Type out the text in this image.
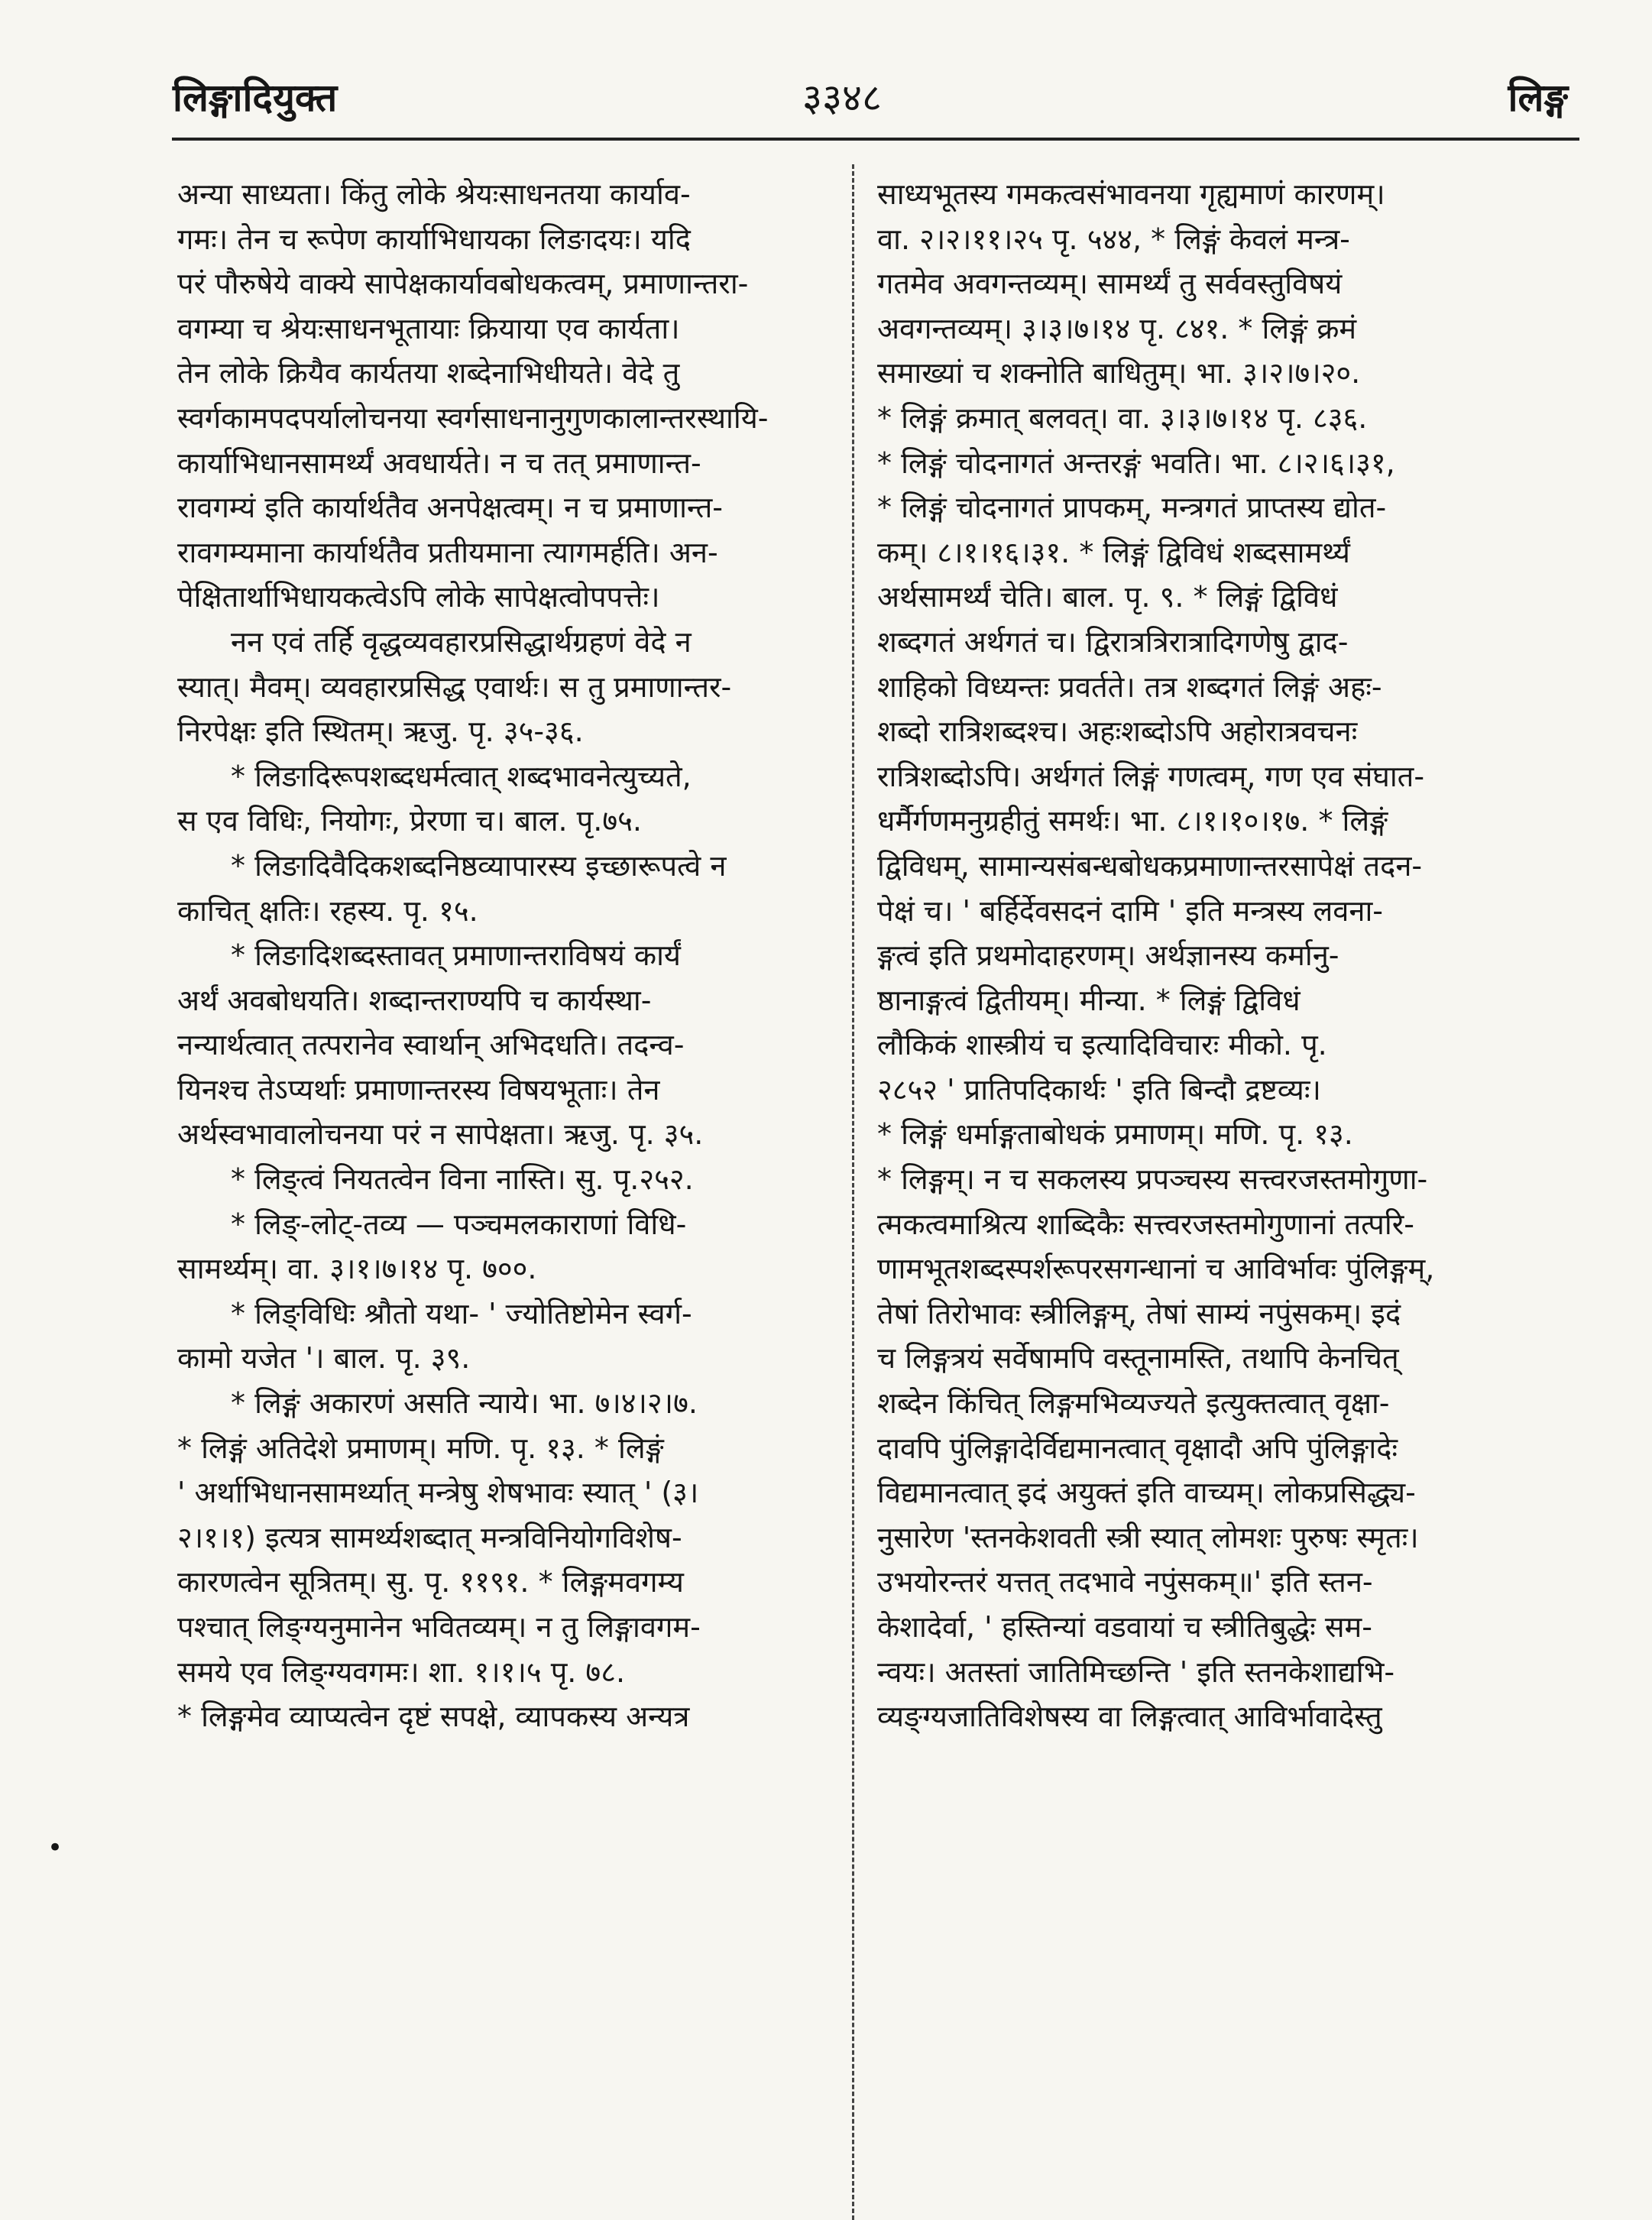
लिङ्गादियुक्त	३३४८	लिङ्ग
•
अन्या साध्यता। किंतु लोके श्रेयःसाधनतया कार्याव-
गमः। तेन च रूपेण कार्याभिधायका लिङादयः। यदि
परं पौरुषेये वाक्ये सापेक्षकार्यावबोधकत्वम्, प्रमाणान्तरा-
वगम्या च श्रेयःसाधनभूतायाः क्रियाया एव कार्यता।
तेन लोके क्रियैव कार्यतया शब्देनाभिधीयते। वेदे तु
स्वर्गकामपदपर्यालोचनया स्वर्गसाधनानुगुणकालान्तरस्थायि-
कार्याभिधानसामर्थ्यं अवधार्यते। न च तत् प्रमाणान्त-
रावगम्यं इति कार्यार्थतैव अनपेक्षत्वम्। न च प्रमाणान्त-
रावगम्यमाना कार्यार्थतैव प्रतीयमाना त्यागमर्हति। अन-
पेक्षितार्थाभिधायकत्वेऽपि लोके सापेक्षत्वोपपत्तेः।
नन एवं तर्हि वृद्धव्यवहारप्रसिद्धार्थग्रहणं वेदे न
स्यात्। मैवम्। व्यवहारप्रसिद्ध एवार्थः। स तु प्रमाणान्तर-
निरपेक्षः इति स्थितम्। ऋजु. पृ. ३५-३६.
* लिङादिरूपशब्दधर्मत्वात् शब्दभावनेत्युच्यते,
स एव विधिः, नियोगः, प्रेरणा च। बाल. पृ.७५.
* लिङादिवैदिकशब्दनिष्ठव्यापारस्य इच्छारूपत्वे न
काचित् क्षतिः। रहस्य. पृ. १५.
* लिङादिशब्दस्तावत् प्रमाणान्तराविषयं कार्यं
अर्थं अवबोधयति। शब्दान्तराण्यपि च कार्यस्था-
नन्यार्थत्वात् तत्परानेव स्वार्थान् अभिदधति। तदन्व-
यिनश्च तेऽप्यर्थाः प्रमाणान्तरस्य विषयभूताः। तेन
अर्थस्वभावालोचनया परं न सापेक्षता। ऋजु. पृ. ३५.
* लिङ्त्वं नियतत्वेन विना नास्ति। सु. पृ.२५२.
* लिङ्-लोट्-तव्य — पञ्चमलकाराणां विधि-
सामर्थ्यम्। वा. ३।१।७।१४ पृ. ७००.
* लिङ्विधिः श्रौतो यथा- ' ज्योतिष्टोमेन स्वर्ग-
कामो यजेत '। बाल. पृ. ३९.
* लिङ्गं अकारणं असति न्याये। भा. ७।४।२।७.
* लिङ्गं अतिदेशे प्रमाणम्। मणि. पृ. १३. * लिङ्गं
' अर्थाभिधानसामर्थ्यात् मन्त्रेषु शेषभावः स्यात् ' (३।
२।१।१) इत्यत्र सामर्थ्यशब्दात् मन्त्रविनियोगविशेष-
कारणत्वेन सूत्रितम्। सु. पृ. ११९१. * लिङ्गमवगम्य
पश्चात् लिङ्ग्यनुमानेन भवितव्यम्। न तु लिङ्गावगम-
समये एव लिङ्ग्यवगमः। शा. १।१।५ पृ. ७८.
* लिङ्गमेव व्याप्यत्वेन दृष्टं सपक्षे, व्यापकस्य अन्यत्र
साध्यभूतस्य गमकत्वसंभावनया गृह्यमाणं कारणम्।
वा. २।२।११।२५ पृ. ५४४, * लिङ्गं केवलं मन्त्र-
गतमेव अवगन्तव्यम्। सामर्थ्यं तु सर्ववस्तुविषयं
अवगन्तव्यम्। ३।३।७।१४ पृ. ८४१. * लिङ्गं क्रमं
समाख्यां च शक्नोति बाधितुम्। भा. ३।२।७।२०.
* लिङ्गं क्रमात् बलवत्। वा. ३।३।७।१४ पृ. ८३६.
* लिङ्गं चोदनागतं अन्तरङ्गं भवति। भा. ८।२।६।३१,
* लिङ्गं चोदनागतं प्रापकम्, मन्त्रगतं प्राप्तस्य द्योत-
कम्। ८।१।१६।३१. * लिङ्गं द्विविधं शब्दसामर्थ्यं
अर्थसामर्थ्यं चेति। बाल. पृ. ९. * लिङ्गं द्विविधं
शब्दगतं अर्थगतं च। द्विरात्रत्रिरात्रादिगणेषु द्वाद-
शाहिको विध्यन्तः प्रवर्तते। तत्र शब्दगतं लिङ्गं अहः-
शब्दो रात्रिशब्दश्च। अहःशब्दोऽपि अहोरात्रवचनः
रात्रिशब्दोऽपि। अर्थगतं लिङ्गं गणत्वम्, गण एव संघात-
धर्मैर्गणमनुग्रहीतुं समर्थः। भा. ८।१।१०।१७. * लिङ्गं
द्विविधम्, सामान्यसंबन्धबोधकप्रमाणान्तरसापेक्षं तदन-
पेक्षं च। ' बर्हिर्देवसदनं दामि ' इति मन्त्रस्य लवना-
ङ्गत्वं इति प्रथमोदाहरणम्। अर्थज्ञानस्य कर्मानु-
ष्ठानाङ्गत्वं द्वितीयम्। मीन्या. * लिङ्गं द्विविधं
लौकिकं शास्त्रीयं च इत्यादिविचारः मीको. पृ.
२८५२ ' प्रातिपदिकार्थः ' इति बिन्दौ द्रष्टव्यः।
* लिङ्गं धर्माङ्गताबोधकं प्रमाणम्। मणि. पृ. १३.
* लिङ्गम्। न च सकलस्य प्रपञ्चस्य सत्त्वरजस्तमोगुणा-
त्मकत्वमाश्रित्य शाब्दिकैः सत्त्वरजस्तमोगुणानां तत्परि-
णामभूतशब्दस्पर्शरूपरसगन्धानां च आविर्भावः पुंलिङ्गम्,
तेषां तिरोभावः स्त्रीलिङ्गम्, तेषां साम्यं नपुंसकम्। इदं
च लिङ्गत्रयं सर्वेषामपि वस्तूनामस्ति, तथापि केनचित्
शब्देन किंचित् लिङ्गमभिव्यज्यते इत्युक्तत्वात् वृक्षा-
दावपि पुंलिङ्गादेर्विद्यमानत्वात् वृक्षादौ अपि पुंलिङ्गादेः
विद्यमानत्वात् इदं अयुक्तं इति वाच्यम्। लोकप्रसिद्ध्य-
नुसारेण 'स्तनकेशवती स्त्री स्यात् लोमशः पुरुषः स्मृतः।
उभयोरन्तरं यत्तत् तदभावे नपुंसकम्॥' इति स्तन-
केशादेर्वा, ' हस्तिन्यां वडवायां च स्त्रीतिबुद्धेः सम-
न्वयः। अतस्तां जातिमिच्छन्ति ' इति स्तनकेशाद्यभि-
व्यङ्ग्यजातिविशेषस्य वा लिङ्गत्वात् आविर्भावादेस्तु
